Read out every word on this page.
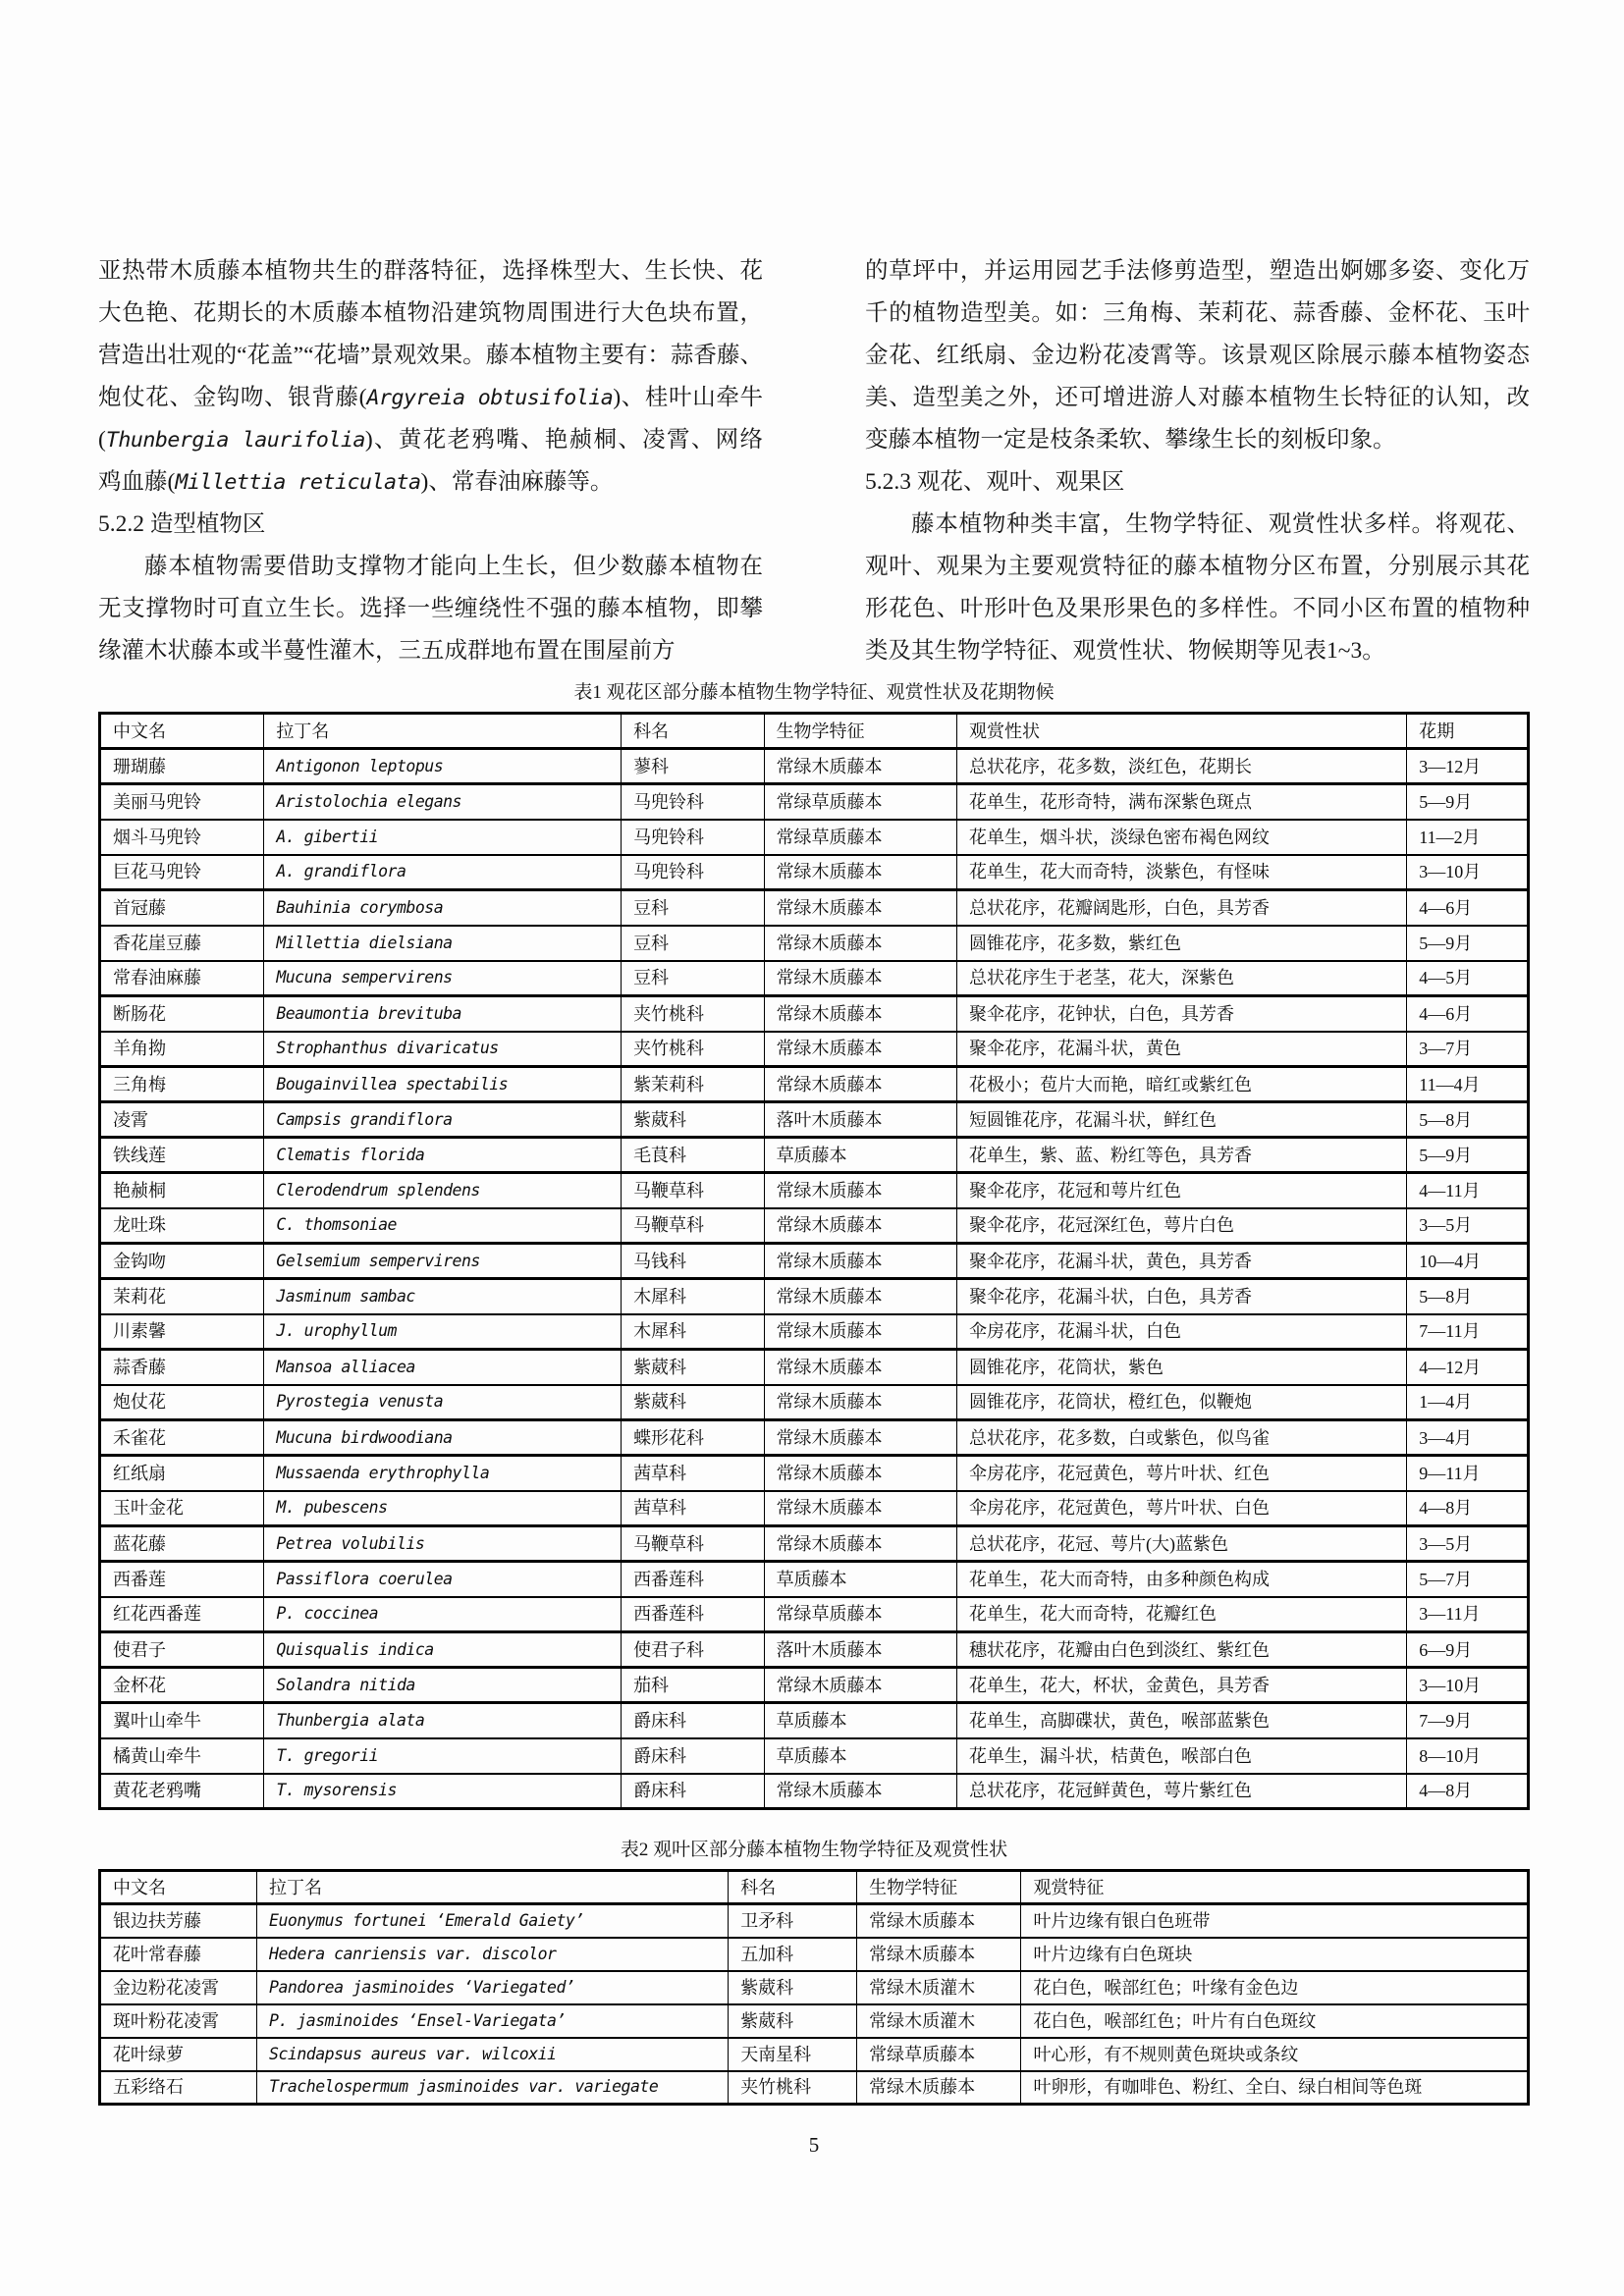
亚热带木质藤本植物共生的群落特征，选择株型大、生长快、花大色艳、花期长的木质藤本植物沿建筑物周围进行大色块布置，营造出壮观的“花盖”“花墙”景观效果。藤本植物主要有：蒜香藤、炮仗花、金钩吻、银背藤(Argyreia obtusifolia)、桂叶山牵牛(Thunbergia laurifolia)、黄花老鸦嘴、艳赪桐、凌霄、网络鸡血藤(Millettia reticulata)、常春油麻藤等。

5.2.2 造型植物区

藤本植物需要借助支撑物才能向上生长，但少数藤本植物在无支撑物时可直立生长。选择一些缠绕性不强的藤本植物，即攀缘灌木状藤本或半蔓性灌木，三五成群地布置在围屋前方

的草坪中，并运用园艺手法修剪造型，塑造出婀娜多姿、变化万千的植物造型美。如：三角梅、茉莉花、蒜香藤、金杯花、玉叶金花、红纸扇、金边粉花凌霄等。该景观区除展示藤本植物姿态美、造型美之外，还可增进游人对藤本植物生长特征的认知，改变藤本植物一定是枝条柔软、攀缘生长的刻板印象。

5.2.3 观花、观叶、观果区

藤本植物种类丰富，生物学特征、观赏性状多样。将观花、观叶、观果为主要观赏特征的藤本植物分区布置，分别展示其花形花色、叶形叶色及果形果色的多样性。不同小区布置的植物种类及其生物学特征、观赏性状、物候期等见表1~3。

表1 观花区部分藤本植物生物学特征、观赏性状及花期物候
中文名	拉丁名	科名	生物学特征	观赏性状	花期
珊瑚藤	Antigonon leptopus	蓼科	常绿木质藤本	总状花序，花多数，淡红色，花期长	3—12月
美丽马兜铃	Aristolochia elegans	马兜铃科	常绿草质藤本	花单生，花形奇特，满布深紫色斑点	5—9月
烟斗马兜铃	A. gibertii	马兜铃科	常绿草质藤本	花单生，烟斗状，淡绿色密布褐色网纹	11—2月
巨花马兜铃	A. grandiflora	马兜铃科	常绿木质藤本	花单生，花大而奇特，淡紫色，有怪味	3—10月
首冠藤	Bauhinia corymbosa	豆科	常绿木质藤本	总状花序，花瓣阔匙形，白色，具芳香	4—6月
香花崖豆藤	Millettia dielsiana	豆科	常绿木质藤本	圆锥花序，花多数，紫红色	5—9月
常春油麻藤	Mucuna sempervirens	豆科	常绿木质藤本	总状花序生于老茎，花大，深紫色	4—5月
断肠花	Beaumontia brevituba	夹竹桃科	常绿木质藤本	聚伞花序，花钟状，白色，具芳香	4—6月
羊角拗	Strophanthus divaricatus	夹竹桃科	常绿木质藤本	聚伞花序，花漏斗状，黄色	3—7月
三角梅	Bougainvillea spectabilis	紫茉莉科	常绿木质藤本	花极小；苞片大而艳，暗红或紫红色	11—4月
凌霄	Campsis grandiflora	紫葳科	落叶木质藤本	短圆锥花序，花漏斗状，鲜红色	5—8月
铁线莲	Clematis florida	毛茛科	草质藤本	花单生，紫、蓝、粉红等色，具芳香	5—9月
艳赪桐	Clerodendrum splendens	马鞭草科	常绿木质藤本	聚伞花序，花冠和萼片红色	4—11月
龙吐珠	C. thomsoniae	马鞭草科	常绿木质藤本	聚伞花序，花冠深红色，萼片白色	3—5月
金钩吻	Gelsemium sempervirens	马钱科	常绿木质藤本	聚伞花序，花漏斗状，黄色，具芳香	10—4月
茉莉花	Jasminum sambac	木犀科	常绿木质藤本	聚伞花序，花漏斗状，白色，具芳香	5—8月
川素馨	J. urophyllum	木犀科	常绿木质藤本	伞房花序，花漏斗状，白色	7—11月
蒜香藤	Mansoa alliacea	紫葳科	常绿木质藤本	圆锥花序，花筒状，紫色	4—12月
炮仗花	Pyrostegia venusta	紫葳科	常绿木质藤本	圆锥花序，花筒状，橙红色，似鞭炮	1—4月
禾雀花	Mucuna birdwoodiana	蝶形花科	常绿木质藤本	总状花序，花多数，白或紫色，似鸟雀	3—4月
红纸扇	Mussaenda erythrophylla	茜草科	常绿木质藤本	伞房花序，花冠黄色，萼片叶状、红色	9—11月
玉叶金花	M. pubescens	茜草科	常绿木质藤本	伞房花序，花冠黄色，萼片叶状、白色	4—8月
蓝花藤	Petrea volubilis	马鞭草科	常绿木质藤本	总状花序，花冠、萼片(大)蓝紫色	3—5月
西番莲	Passiflora coerulea	西番莲科	草质藤本	花单生，花大而奇特，由多种颜色构成	5—7月
红花西番莲	P. coccinea	西番莲科	常绿草质藤本	花单生，花大而奇特，花瓣红色	3—11月
使君子	Quisqualis indica	使君子科	落叶木质藤本	穗状花序，花瓣由白色到淡红、紫红色	6—9月
金杯花	Solandra nitida	茄科	常绿木质藤本	花单生，花大，杯状，金黄色，具芳香	3—10月
翼叶山牵牛	Thunbergia alata	爵床科	草质藤本	花单生，高脚碟状，黄色，喉部蓝紫色	7—9月
橘黄山牵牛	T. gregorii	爵床科	草质藤本	花单生，漏斗状，桔黄色，喉部白色	8—10月
黄花老鸦嘴	T. mysorensis	爵床科	常绿木质藤本	总状花序，花冠鲜黄色，萼片紫红色	4—8月
表2 观叶区部分藤本植物生物学特征及观赏性状
中文名	拉丁名	科名	生物学特征	观赏特征
银边扶芳藤	Euonymus fortunei ‘Emerald Gaiety’	卫矛科	常绿木质藤本	叶片边缘有银白色班带
花叶常春藤	Hedera canriensis var. discolor	五加科	常绿木质藤本	叶片边缘有白色斑块
金边粉花凌霄	Pandorea jasminoides ‘Variegated’	紫葳科	常绿木质灌木	花白色，喉部红色；叶缘有金色边
斑叶粉花凌霄	P. jasminoides ‘Ensel-Variegata’	紫葳科	常绿木质灌木	花白色，喉部红色；叶片有白色斑纹
花叶绿萝	Scindapsus aureus var. wilcoxii	天南星科	常绿草质藤本	叶心形，有不规则黄色斑块或条纹
五彩络石	Trachelospermum jasminoides var. variegate	夹竹桃科	常绿木质藤本	叶卵形，有咖啡色、粉红、全白、绿白相间等色斑
5
